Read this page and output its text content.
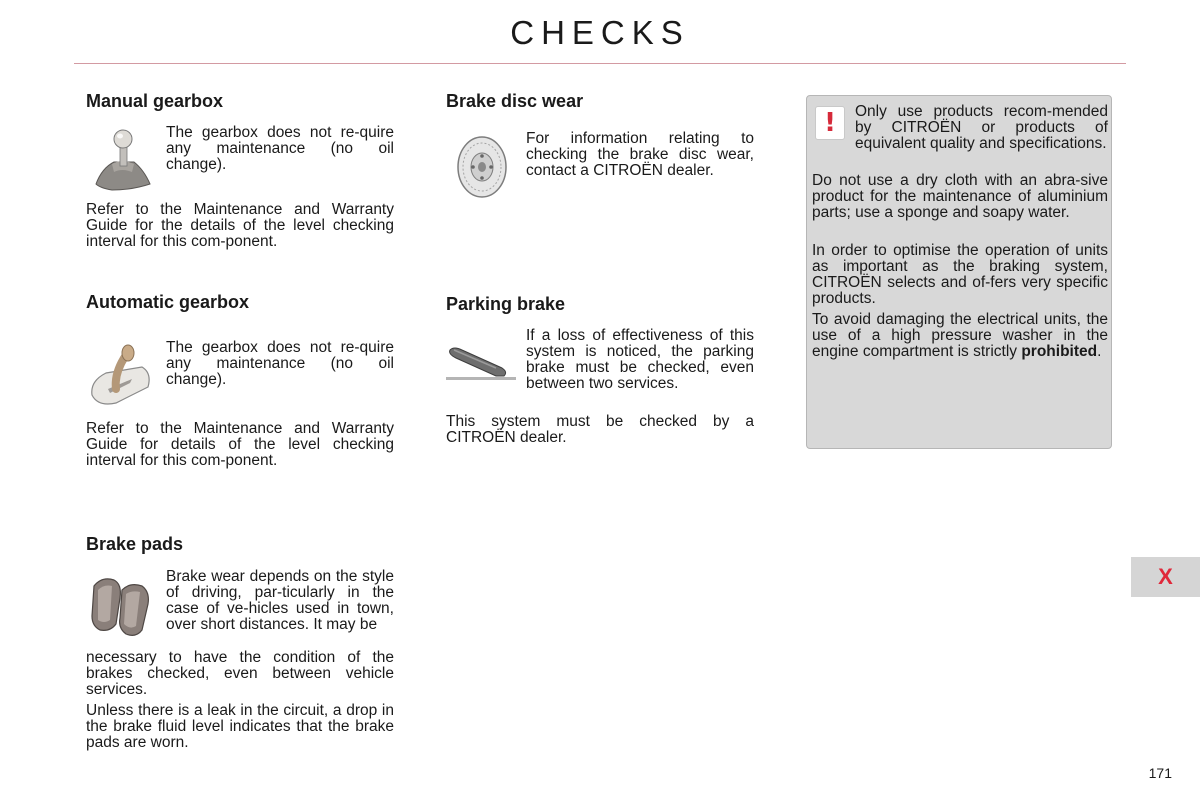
CHECKS
Manual gearbox

The gearbox does not re-quire any maintenance (no oil change).

Refer to the Maintenance and Warranty Guide for the details of the level checking interval for this com-ponent.

Automatic gearbox

The gearbox does not re-quire any maintenance (no oil change).

Refer to the Maintenance and Warranty Guide for details of the level checking interval for this com-ponent.

Brake pads

Brake wear depends on the style of driving, par-ticularly in the case of ve-hicles used in town, over short distances. It may be

necessary to have the condition of the brakes checked, even between vehicle services.

Unless there is a leak in the circuit, a drop in the brake fluid level indicates that the brake pads are worn.

Brake disc wear

For information relating to checking the brake disc wear, contact a CITROËN dealer.

Parking brake

If a loss of effectiveness of this system is noticed, the parking brake must be checked, even between two services.

This system must be checked by a CITROËN dealer.

!	Only use products recom-mended by CITROËN or products of equivalent quality and specifications.

Do not use a dry cloth with an abra-sive product for the maintenance of aluminium parts; use a sponge and soapy water.

In order to optimise the operation of units as important as the braking system, CITROËN selects and of-fers very specific products.

To avoid damaging the electrical units, the use of a high pressure washer in the engine compartment is strictly prohibited.

X
171
